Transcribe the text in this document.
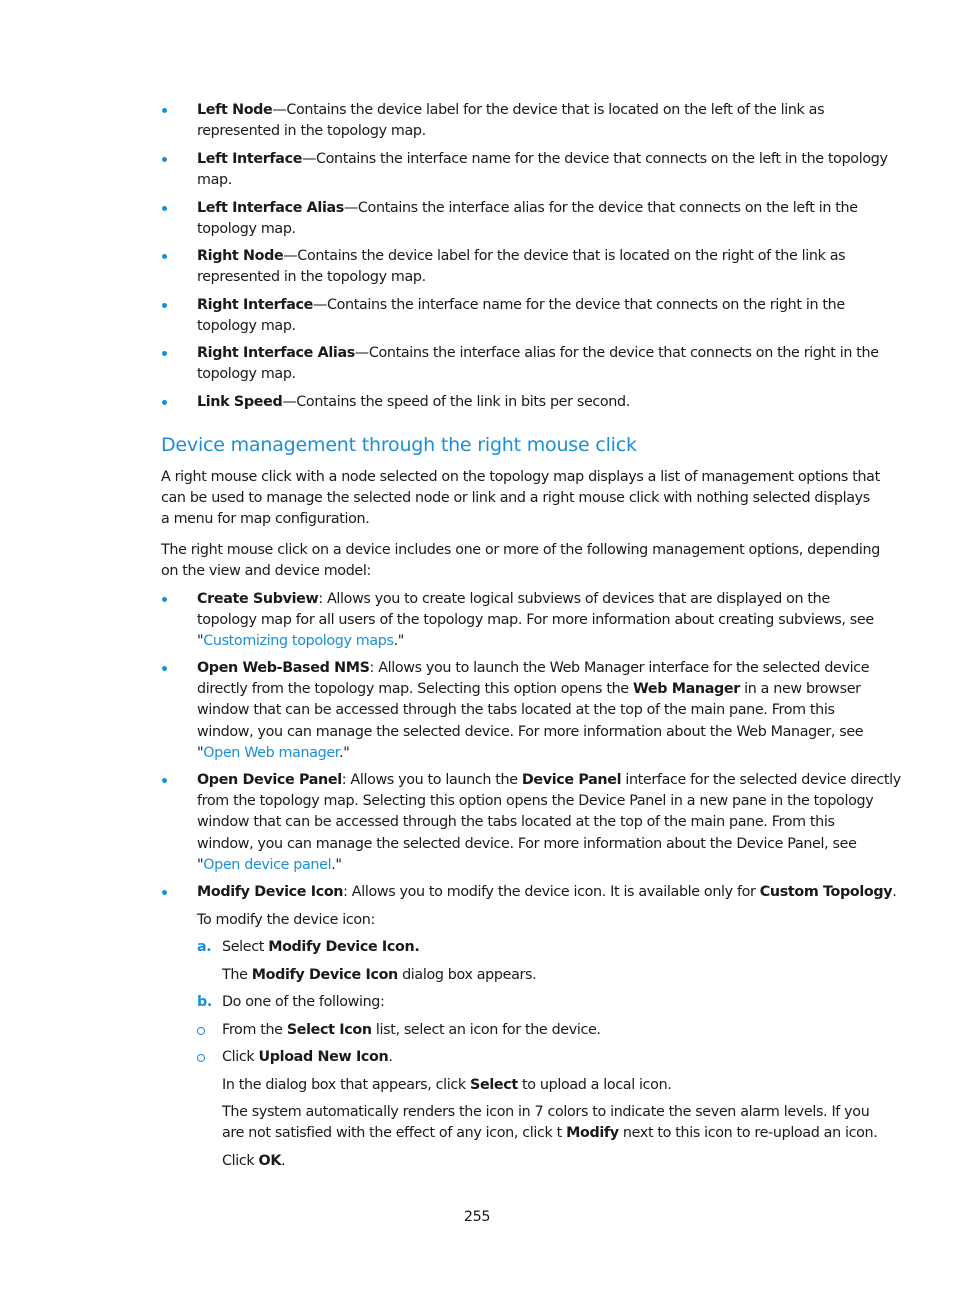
Left Node—Contains the device label for the device that is located on the left of the link as
represented in the topology map.
Left Interface—Contains the interface name for the device that connects on the left in the topology
map.
Left Interface Alias—Contains the interface alias for the device that connects on the left in the
topology map.
Right Node—Contains the device label for the device that is located on the right of the link as
represented in the topology map.
Right Interface—Contains the interface name for the device that connects on the right in the
topology map.
Right Interface Alias—Contains the interface alias for the device that connects on the right in the
topology map.
Link Speed—Contains the speed of the link in bits per second.
Device management through the right mouse click
A right mouse click with a node selected on the topology map displays a list of management options that
can be used to manage the selected node or link and a right mouse click with nothing selected displays
a menu for map configuration.
The right mouse click on a device includes one or more of the following management options, depending
on the view and device model:
Create Subview: Allows you to create logical subviews of devices that are displayed on the
topology map for all users of the topology map. For more information about creating subviews, see
"Customizing topology maps."
Open Web-Based NMS: Allows you to launch the Web Manager interface for the selected device
directly from the topology map. Selecting this option opens the Web Manager in a new browser
window that can be accessed through the tabs located at the top of the main pane. From this
window, you can manage the selected device. For more information about the Web Manager, see
"Open Web manager."
Open Device Panel: Allows you to launch the Device Panel interface for the selected device directly
from the topology map. Selecting this option opens the Device Panel in a new pane in the topology
window that can be accessed through the tabs located at the top of the main pane. From this
window, you can manage the selected device. For more information about the Device Panel, see
"Open device panel."
Modify Device Icon: Allows you to modify the device icon. It is available only for Custom Topology.
To modify the device icon:
a. Select Modify Device Icon.
The Modify Device Icon dialog box appears.
b. Do one of the following:
From the Select Icon list, select an icon for the device.
Click Upload New Icon.
In the dialog box that appears, click Select to upload a local icon.
The system automatically renders the icon in 7 colors to indicate the seven alarm levels. If you
are not satisfied with the effect of any icon, click t Modify next to this icon to re-upload an icon.
Click OK.
255
